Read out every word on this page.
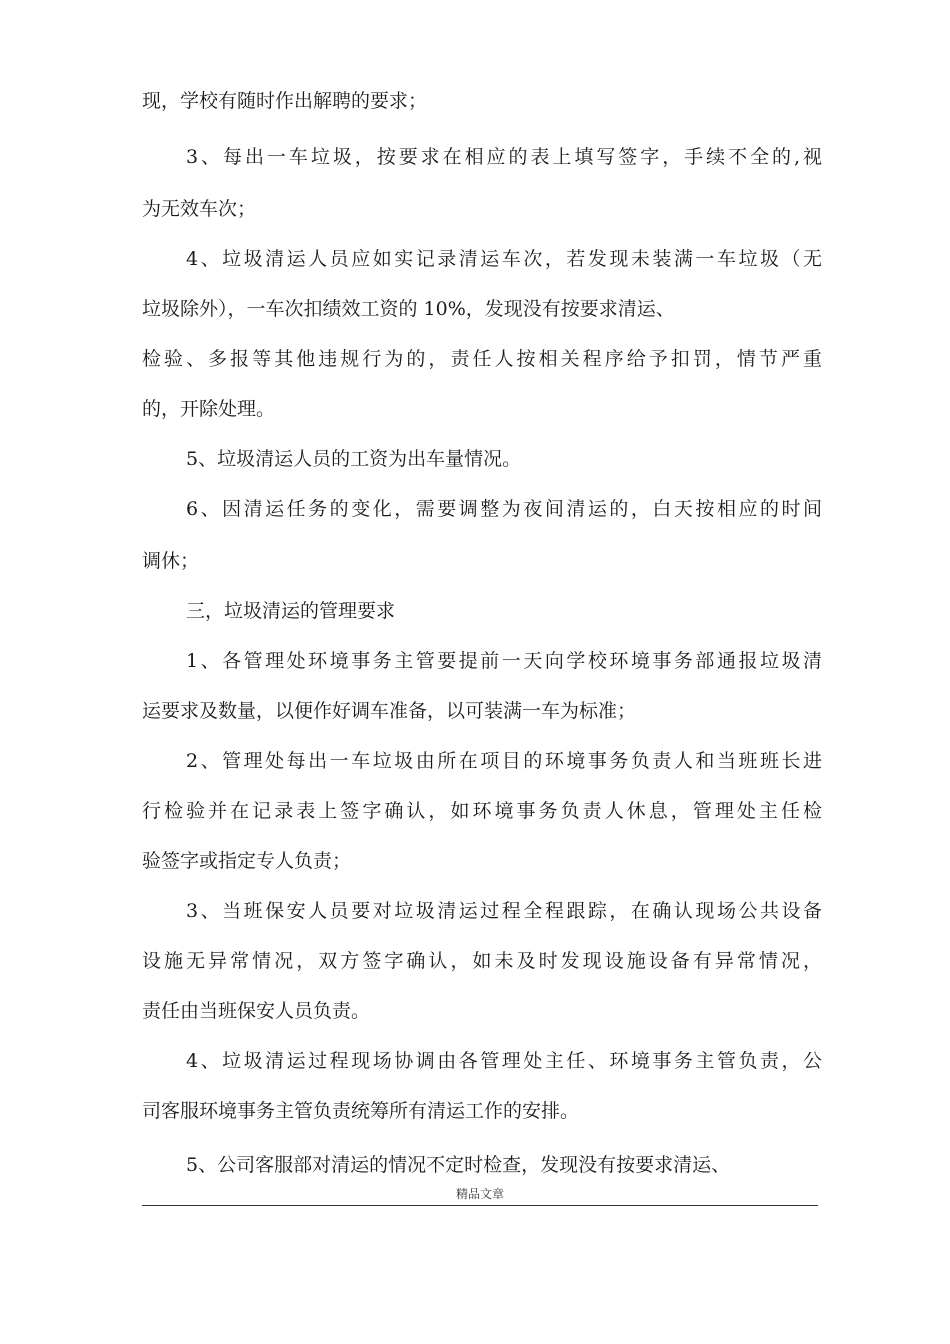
现，学校有随时作出解聘的要求；
3、每出一车垃圾，按要求在相应的表上填写签字，手续不全的,视
为无效车次；
4、垃圾清运人员应如实记录清运车次，若发现未装满一车垃圾（无
垃圾除外），一车次扣绩效工资的 10%，发现没有按要求清运、
检验、多报等其他违规行为的，责任人按相关程序给予扣罚，情节严重
的，开除处理。
5、垃圾清运人员的工资为出车量情况。
6、因清运任务的变化，需要调整为夜间清运的，白天按相应的时间
调休；
三，垃圾清运的管理要求
1、各管理处环境事务主管要提前一天向学校环境事务部通报垃圾清
运要求及数量，以便作好调车准备，以可装满一车为标准；
2、管理处每出一车垃圾由所在项目的环境事务负责人和当班班长进
行检验并在记录表上签字确认，如环境事务负责人休息，管理处主任检
验签字或指定专人负责；
3、当班保安人员要对垃圾清运过程全程跟踪，在确认现场公共设备
设施无异常情况，双方签字确认，如未及时发现设施设备有异常情况，
责任由当班保安人员负责。
4、垃圾清运过程现场协调由各管理处主任、环境事务主管负责，公
司客服环境事务主管负责统筹所有清运工作的安排。
5、公司客服部对清运的情况不定时检查，发现没有按要求清运、
精品文章
